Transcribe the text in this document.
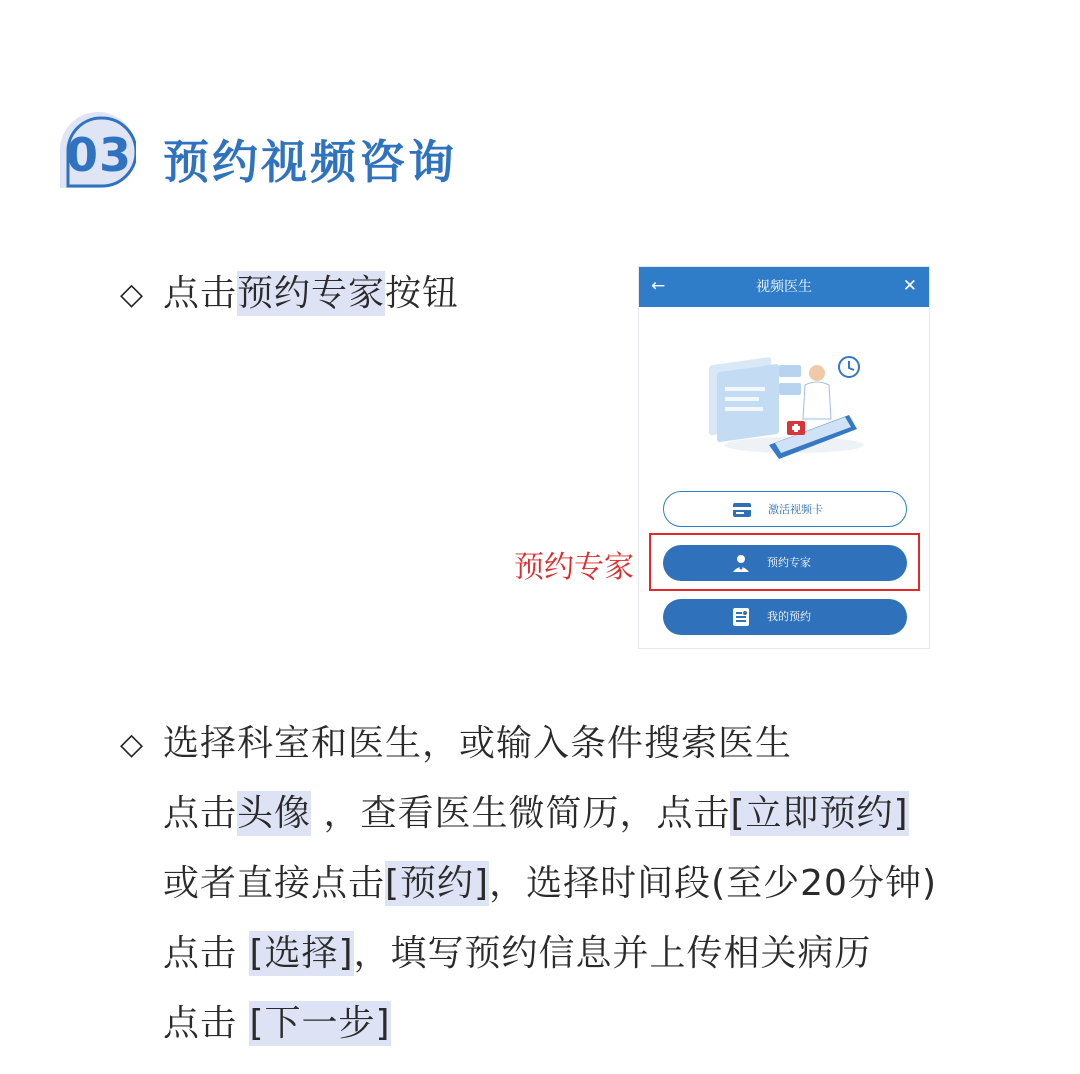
03 预约视频咨询
◇ 点击预约专家按钮	←	视频医生	✕
激活视频卡
预约专家
我的预约
预约专家
◇ 选择科室和医生，或输入条件搜索医生
点击头像 ，查看医生微简历，点击[立即预约]
或者直接点击[预约]，选择时间段(至少20分钟)
点击 [选择]，填写预约信息并上传相关病历
点击 [下一步]
